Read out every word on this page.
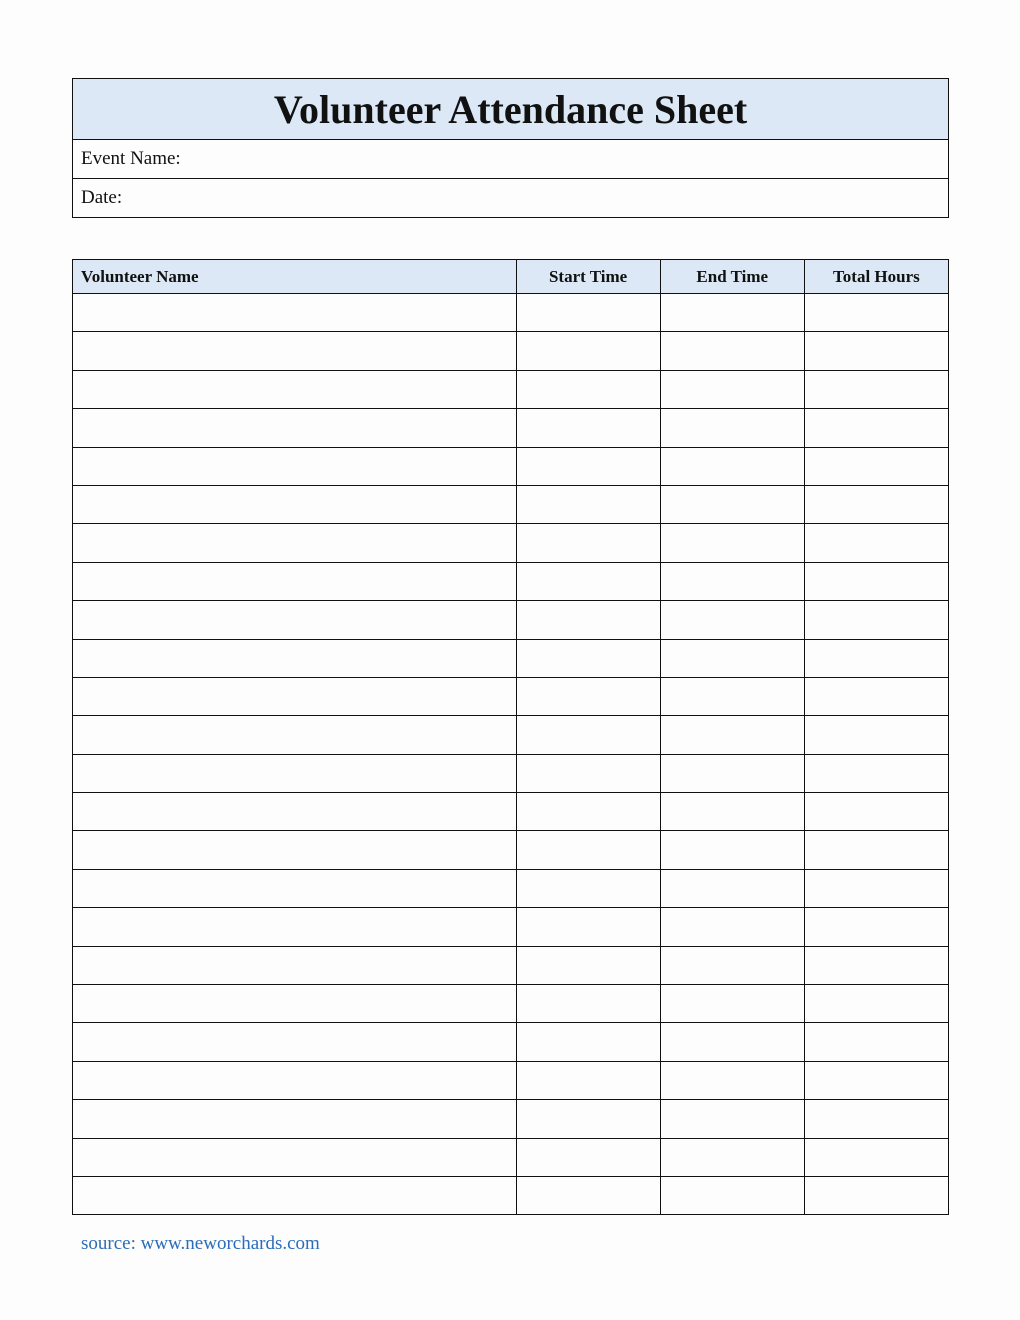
Volunteer Attendance Sheet
Event Name:
Date:
Volunteer Name	Start Time	End Time	Total Hours

source: www.neworchards.com
